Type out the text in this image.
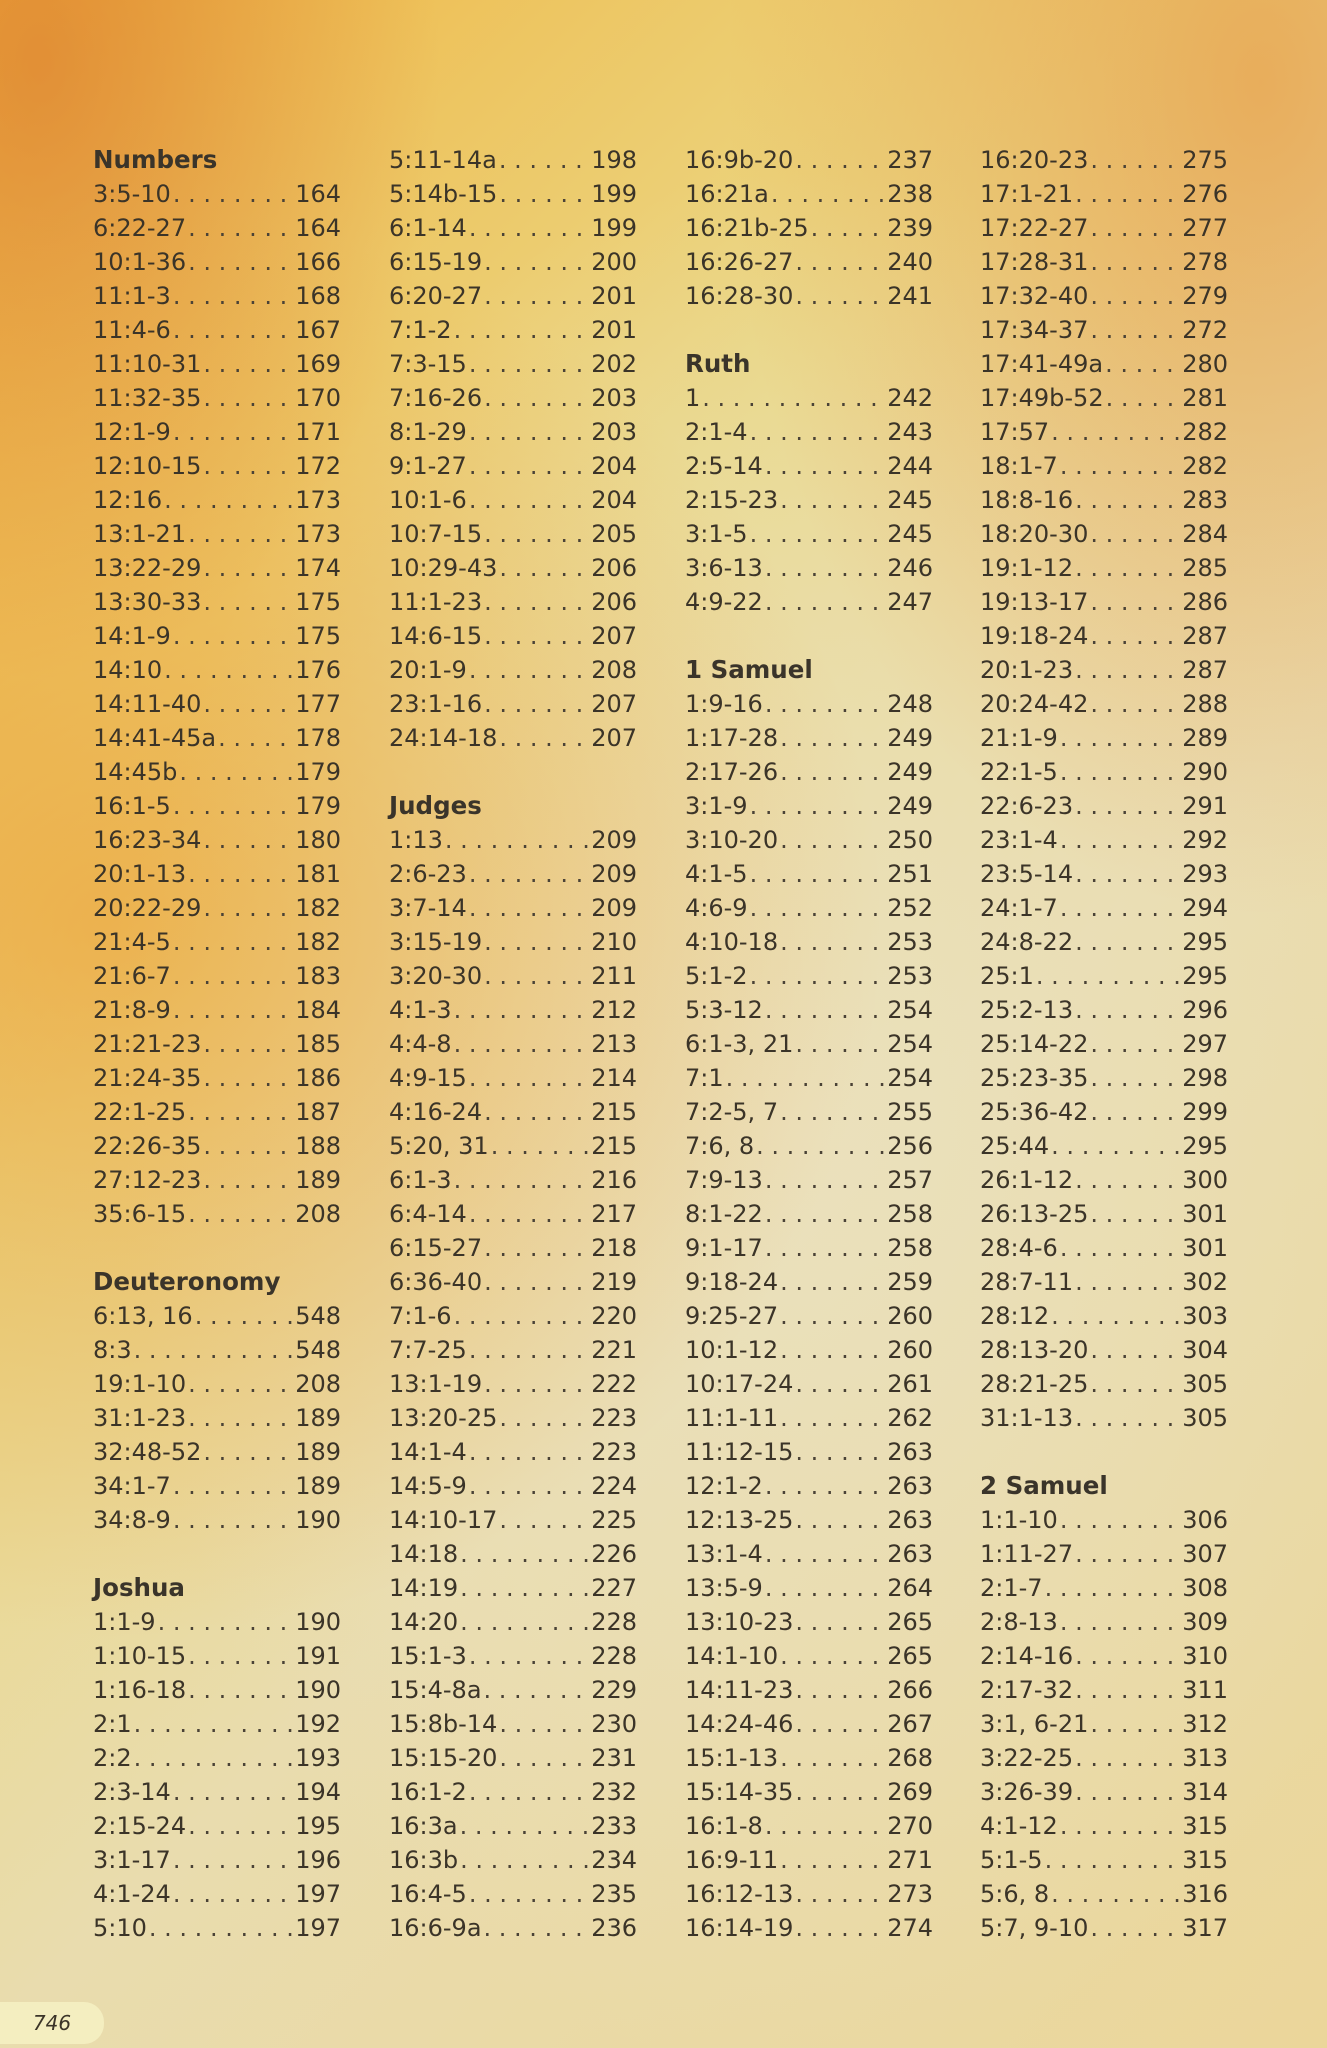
Numbers
3:5-10 . . .	164
6:22-27 . . .	164
10:1-36 . . .	166
11:1-3 . . .	168
11:4-6 . . .	167
11:10-31 . . .	169
11:32-35 . . .	170
12:1-9 . . .	171
12:10-15 . . .	172
12:16 . . .	173
13:1-21 . . .	173
13:22-29 . . .	174
13:30-33 . . .	175
14:1-9 . . .	175
14:10 . . .	176
14:11-40 . . .	177
14:41-45a . . .	178
14:45b . . .	179
16:1-5 . . .	179
16:23-34 . . .	180
20:1-13 . . .	181
20:22-29 . . .	182
21:4-5 . . .	182
21:6-7 . . .	183
21:8-9 . . .	184
21:21-23 . . .	185
21:24-35 . . .	186
22:1-25 . . .	187
22:26-35 . . .	188
27:12-23 . . .	189
35:6-15 . . .	208
Deuteronomy
6:13, 16 . . .	548
8:3 . . .	548
19:1-10 . . .	208
31:1-23 . . .	189
32:48-52 . . .	189
34:1-7 . . .	189
34:8-9 . . .	190
Joshua
1:1-9 . . .	190
1:10-15 . . .	191
1:16-18 . . .	190
2:1 . . .	192
2:2 . . .	193
2:3-14 . . .	194
2:15-24 . . .	195
3:1-17 . . .	196
4:1-24 . . .	197
5:10 . . .	197
5:11-14a . . .	198
5:14b-15 . . .	199
6:1-14 . . .	199
6:15-19 . . .	200
6:20-27 . . .	201
7:1-2 . . .	201
7:3-15 . . .	202
7:16-26 . . .	203
8:1-29 . . .	203
9:1-27 . . .	204
10:1-6 . . .	204
10:7-15 . . .	205
10:29-43 . . .	206
11:1-23 . . .	206
14:6-15 . . .	207
20:1-9 . . .	208
23:1-16 . . .	207
24:14-18 . . .	207
Judges
1:13 . . .	209
2:6-23 . . .	209
3:7-14 . . .	209
3:15-19 . . .	210
3:20-30 . . .	211
4:1-3 . . .	212
4:4-8 . . .	213
4:9-15 . . .	214
4:16-24 . . .	215
5:20, 31 . . .	215
6:1-3 . . .	216
6:4-14 . . .	217
6:15-27 . . .	218
6:36-40 . . .	219
7:1-6 . . .	220
7:7-25 . . .	221
13:1-19 . . .	222
13:20-25 . . .	223
14:1-4 . . .	223
14:5-9 . . .	224
14:10-17 . . .	225
14:18 . . .	226
14:19 . . .	227
14:20 . . .	228
15:1-3 . . .	228
15:4-8a . . .	229
15:8b-14 . . .	230
15:15-20 . . .	231
16:1-2 . . .	232
16:3a . . .	233
16:3b . . .	234
16:4-5 . . .	235
16:6-9a . . .	236
16:9b-20 . . .	237
16:21a . . .	238
16:21b-25 . . .	239
16:26-27 . . .	240
16:28-30 . . .	241
Ruth
1 . . .	242
2:1-4 . . .	243
2:5-14 . . .	244
2:15-23 . . .	245
3:1-5 . . .	245
3:6-13 . . .	246
4:9-22 . . .	247
1 Samuel
1:9-16 . . .	248
1:17-28 . . .	249
2:17-26 . . .	249
3:1-9 . . .	249
3:10-20 . . .	250
4:1-5 . . .	251
4:6-9 . . .	252
4:10-18 . . .	253
5:1-2 . . .	253
5:3-12 . . .	254
6:1-3, 21 . . .	254
7:1 . . .	254
7:2-5, 7 . . .	255
7:6, 8 . . .	256
7:9-13 . . .	257
8:1-22 . . .	258
9:1-17 . . .	258
9:18-24 . . .	259
9:25-27 . . .	260
10:1-12 . . .	260
10:17-24 . . .	261
11:1-11 . . .	262
11:12-15 . . .	263
12:1-2 . . .	263
12:13-25 . . .	263
13:1-4 . . .	263
13:5-9 . . .	264
13:10-23 . . .	265
14:1-10 . . .	265
14:11-23 . . .	266
14:24-46 . . .	267
15:1-13 . . .	268
15:14-35 . . .	269
16:1-8 . . .	270
16:9-11 . . .	271
16:12-13 . . .	273
16:14-19 . . .	274
16:20-23 . . .	275
17:1-21 . . .	276
17:22-27 . . .	277
17:28-31 . . .	278
17:32-40 . . .	279
17:34-37 . . .	272
17:41-49a . . .	280
17:49b-52 . . .	281
17:57 . . .	282
18:1-7 . . .	282
18:8-16 . . .	283
18:20-30 . . .	284
19:1-12 . . .	285
19:13-17 . . .	286
19:18-24 . . .	287
20:1-23 . . .	287
20:24-42 . . .	288
21:1-9 . . .	289
22:1-5 . . .	290
22:6-23 . . .	291
23:1-4 . . .	292
23:5-14 . . .	293
24:1-7 . . .	294
24:8-22 . . .	295
25:1 . . .	295
25:2-13 . . .	296
25:14-22 . . .	297
25:23-35 . . .	298
25:36-42 . . .	299
25:44 . . .	295
26:1-12 . . .	300
26:13-25 . . .	301
28:4-6 . . .	301
28:7-11 . . .	302
28:12 . . .	303
28:13-20 . . .	304
28:21-25 . . .	305
31:1-13 . . .	305
2 Samuel
1:1-10 . . .	306
1:11-27 . . .	307
2:1-7 . . .	308
2:8-13 . . .	309
2:14-16 . . .	310
2:17-32 . . .	311
3:1, 6-21 . . .	312
3:22-25 . . .	313
3:26-39 . . .	314
4:1-12 . . .	315
5:1-5 . . .	315
5:6, 8 . . .	316
5:7, 9-10 . . .	317
746
